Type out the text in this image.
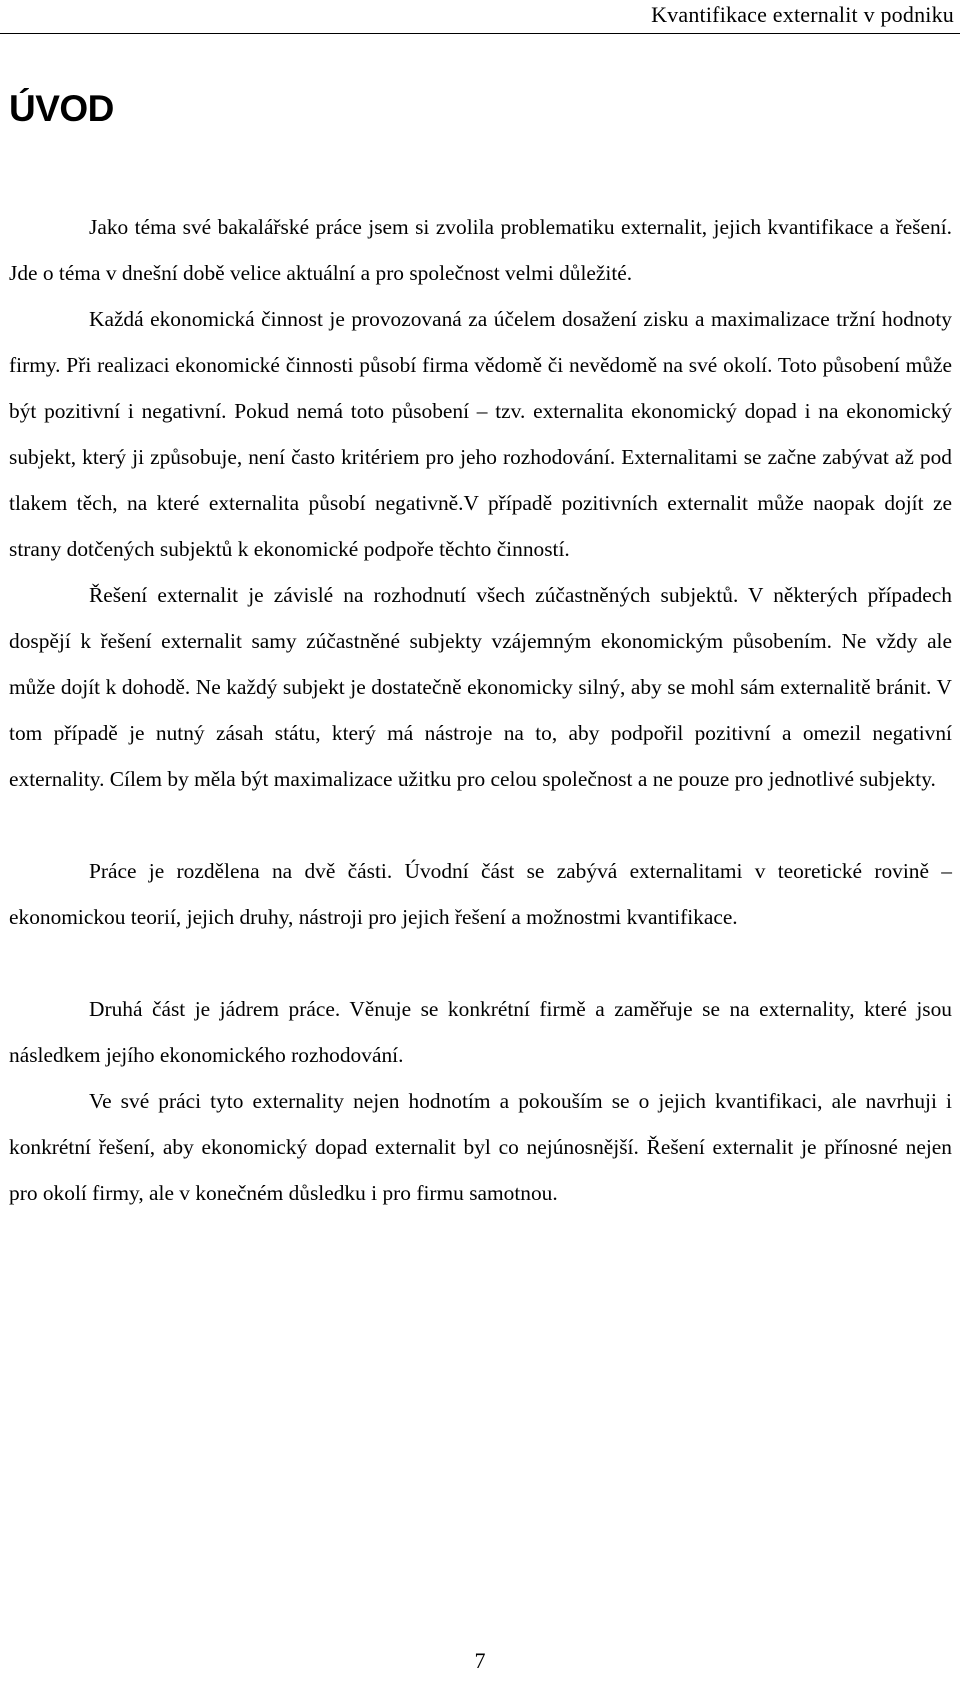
Kvantifikace externalit v podniku
ÚVOD

Jako téma své bakalářské práce jsem si zvolila problematiku externalit, jejich kvantifikace a řešení. Jde o téma v dnešní době velice aktuální a pro společnost velmi důležité.

Každá ekonomická činnost je provozovaná za účelem dosažení zisku a maximalizace tržní hodnoty firmy. Při realizaci ekonomické činnosti působí firma vědomě či nevědomě na své okolí. Toto působení může být pozitivní i negativní. Pokud nemá toto působení – tzv. externalita ekonomický dopad i na ekonomický subjekt, který ji způsobuje, není často kritériem pro jeho rozhodování. Externalitami se začne zabývat až pod tlakem těch, na které externalita působí negativně.V případě pozitivních externalit může naopak dojít ze strany dotčených subjektů k ekonomické podpoře těchto činností.

Řešení externalit je závislé na rozhodnutí všech zúčastněných subjektů. V některých případech dospějí k řešení externalit samy zúčastněné subjekty vzájemným ekonomickým působením. Ne vždy ale může dojít k dohodě. Ne každý subjekt je dostatečně ekonomicky silný, aby se mohl sám externalitě bránit. V tom případě je nutný zásah státu, který má nástroje na to, aby podpořil pozitivní a omezil negativní externality. Cílem by měla být maximalizace užitku pro celou společnost a ne pouze pro jednotlivé subjekty.

Práce je rozdělena na dvě části. Úvodní část se zabývá externalitami v teoretické rovině – ekonomickou teorií, jejich druhy, nástroji pro jejich řešení a možnostmi kvantifikace.

Druhá část je jádrem práce. Věnuje se konkrétní firmě a zaměřuje se na externality, které jsou následkem jejího ekonomického rozhodování.

Ve své práci tyto externality nejen hodnotím a pokouším se o jejich kvantifikaci, ale navrhuji i konkrétní řešení, aby ekonomický dopad externalit byl co nejúnosnější. Řešení externalit je přínosné nejen pro okolí firmy, ale v konečném důsledku i pro firmu samotnou.

7
